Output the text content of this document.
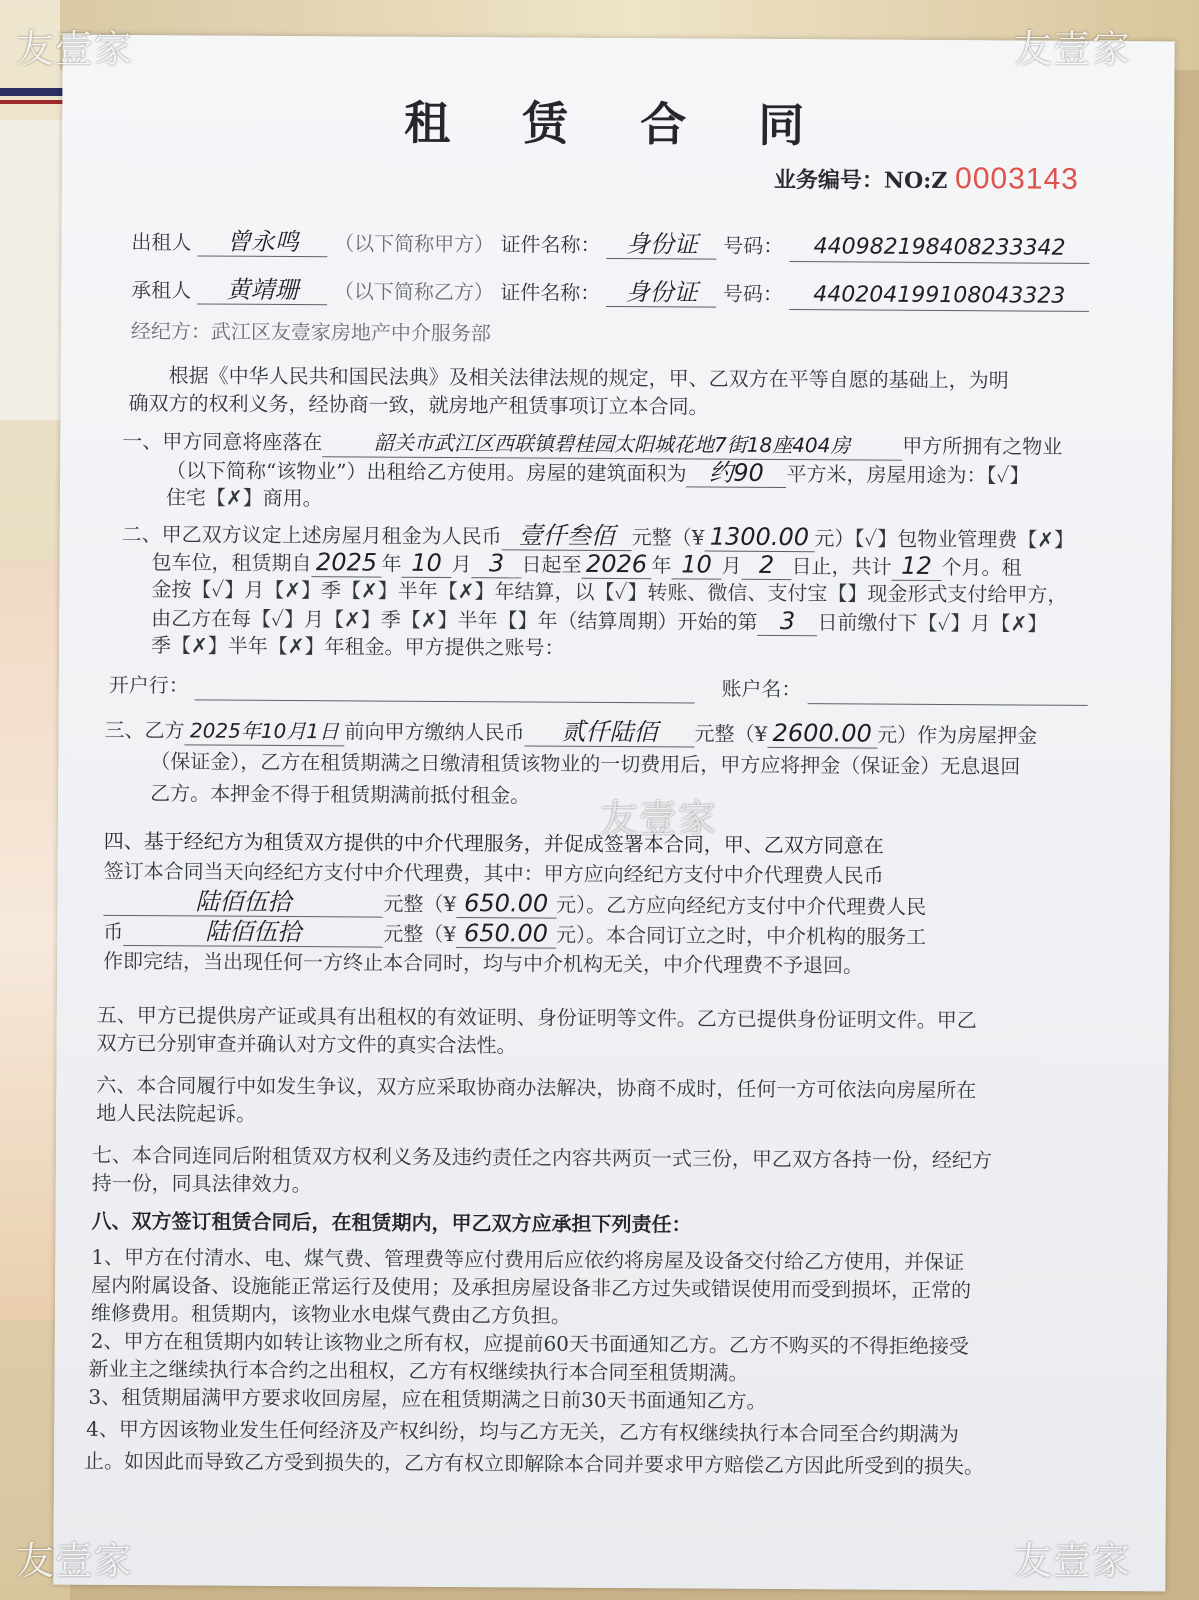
租 赁 合 同
业务编号：NO:Z 0003143
出租人 曾永鸣 （以下简称甲方） 证件名称： 身份证 号码： 440982198408233342
承租人 黄靖珊 （以下简称乙方） 证件名称： 身份证 号码： 440204199108043323
经纪方：武江区友壹家房地产中介服务部
根据《中华人民共和国民法典》及相关法律法规的规定，甲、乙双方在平等自愿的基础上，为明
确双方的权利义务，经协商一致，就房地产租赁事项订立本合同。
一、甲方同意将座落在	韶关市武江区西联镇碧桂园太阳城花地7街18座404房	甲方所拥有之物业
（以下简称“该物业”）出租给乙方使用。房屋的建筑面积为 约90 平方米，房屋用途为：【✓】
住宅【✗】商用。
二、甲乙双方议定上述房屋月租金为人民币 壹仟叁佰 元整（¥ 1300.00 元）【✓】包物业管理费【✗】
包车位，租赁期自 2025 年 10 月 3 日起至 2026 年 10 月 2 日止，共计 12 个月。租
金按【✓】月【✗】季【✗】半年【✗】年结算，以【✓】转账、微信、支付宝【】现金形式支付给甲方，
由乙方在每【✓】月【✗】季【✗】半年【】年（结算周期）开始的第 3 日前缴付下【✓】月【✗】
季【✗】半年【✗】年租金。甲方提供之账号：
开户行：	账户名：
三、乙方 2025年10月1日 前向甲方缴纳人民币 贰仟陆佰 元整（¥ 2600.00 元）作为房屋押金
（保证金），乙方在租赁期满之日缴清租赁该物业的一切费用后，甲方应将押金（保证金）无息退回
乙方。本押金不得于租赁期满前抵付租金。
四、基于经纪方为租赁双方提供的中介代理服务，并促成签署本合同，甲、乙双方同意在
签订本合同当天向经纪方支付中介代理费，其中：甲方应向经纪方支付中介代理费人民币
陆佰伍拾	元整（¥ 650.00 元）。乙方应向经纪方支付中介代理费人民
币	陆佰伍拾	元整（¥ 650.00 元）。本合同订立之时，中介机构的服务工
作即完结，当出现任何一方终止本合同时，均与中介机构无关，中介代理费不予退回。
五、甲方已提供房产证或具有出租权的有效证明、身份证明等文件。乙方已提供身份证明文件。甲乙
双方已分别审查并确认对方文件的真实合法性。
六、本合同履行中如发生争议，双方应采取协商办法解决，协商不成时，任何一方可依法向房屋所在
地人民法院起诉。
七、本合同连同后附租赁双方权利义务及违约责任之内容共两页一式三份，甲乙双方各持一份，经纪方
持一份，同具法律效力。
八、双方签订租赁合同后，在租赁期内，甲乙双方应承担下列责任：
1、甲方在付清水、电、煤气费、管理费等应付费用后应依约将房屋及设备交付给乙方使用，并保证
屋内附属设备、设施能正常运行及使用；及承担房屋设备非乙方过失或错误使用而受到损坏，正常的
维修费用。租赁期内，该物业水电煤气费由乙方负担。
2、甲方在租赁期内如转让该物业之所有权，应提前60天书面通知乙方。乙方不购买的不得拒绝接受
新业主之继续执行本合约之出租权，乙方有权继续执行本合同至租赁期满。
3、租赁期届满甲方要求收回房屋，应在租赁期满之日前30天书面通知乙方。
4、甲方因该物业发生任何经济及产权纠纷，均与乙方无关，乙方有权继续执行本合同至合约期满为
止。如因此而导致乙方受到损失的，乙方有权立即解除本合同并要求甲方赔偿乙方因此所受到的损失。
友壹家	友壹家
友壹家
友壹家	友壹家
